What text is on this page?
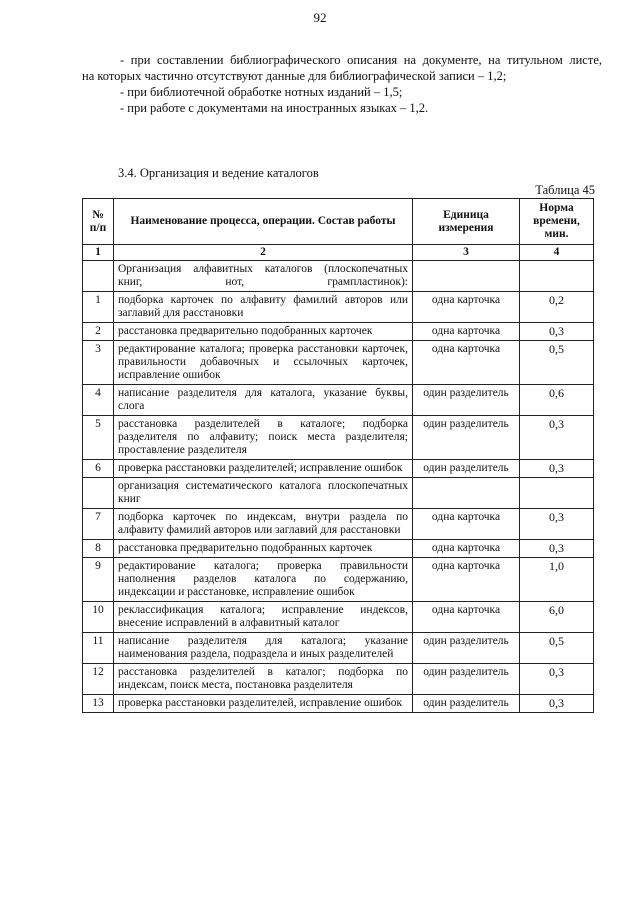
92

- при составлении библиографического описания на документе, на титульном листе,

на которых частично отсутствуют данные для библиографической записи – 1,2;

- при библиотечной обработке нотных изданий – 1,5;

- при работе с документами на иностранных языках – 1,2.

3.4. Организация и ведение каталогов
Таблица 45
№ п/п	Наименование процесса, операции. Состав работы	Единица измерения	Норма времени, мин.
1	2	3	4
	Организация алфавитных каталогов (плоскопечатных книг, нот, грампластинок):		
1	подборка карточек по алфавиту фамилий авторов или заглавий для расстановки	одна карточка	0,2
2	расстановка предварительно подобранных карточек	одна карточка	0,3
3	редактирование каталога; проверка расстановки карточек, правильности добавочных и ссылочных карточек, исправление ошибок	одна карточка	0,5
4	написание разделителя для каталога, указание буквы, слога	один разделитель	0,6
5	расстановка разделителей в каталоге; подборка разделителя по алфавиту; поиск места разделителя; проставление разделителя	один разделитель	0,3
6	проверка расстановки разделителей; исправление ошибок	один разделитель	0,3
	организация систематического каталога плоскопечатных книг		
7	подборка карточек по индексам, внутри раздела по алфавиту фамилий авторов или заглавий для расстановки	одна карточка	0,3
8	расстановка предварительно подобранных карточек	одна карточка	0,3
9	редактирование каталога; проверка правильности наполнения разделов каталога по содержанию, индексации и расстановке, исправление ошибок	одна карточка	1,0
10	реклассификация каталога; исправление индексов, внесение исправлений в алфавитный каталог	одна карточка	6,0
11	написание разделителя для каталога; указание наименования раздела, подраздела и иных разделителей	один разделитель	0,5
12	расстановка разделителей в каталог; подборка по индексам, поиск места, постановка разделителя	один разделитель	0,3
13	проверка расстановки разделителей, исправление ошибок	один разделитель	0,3
